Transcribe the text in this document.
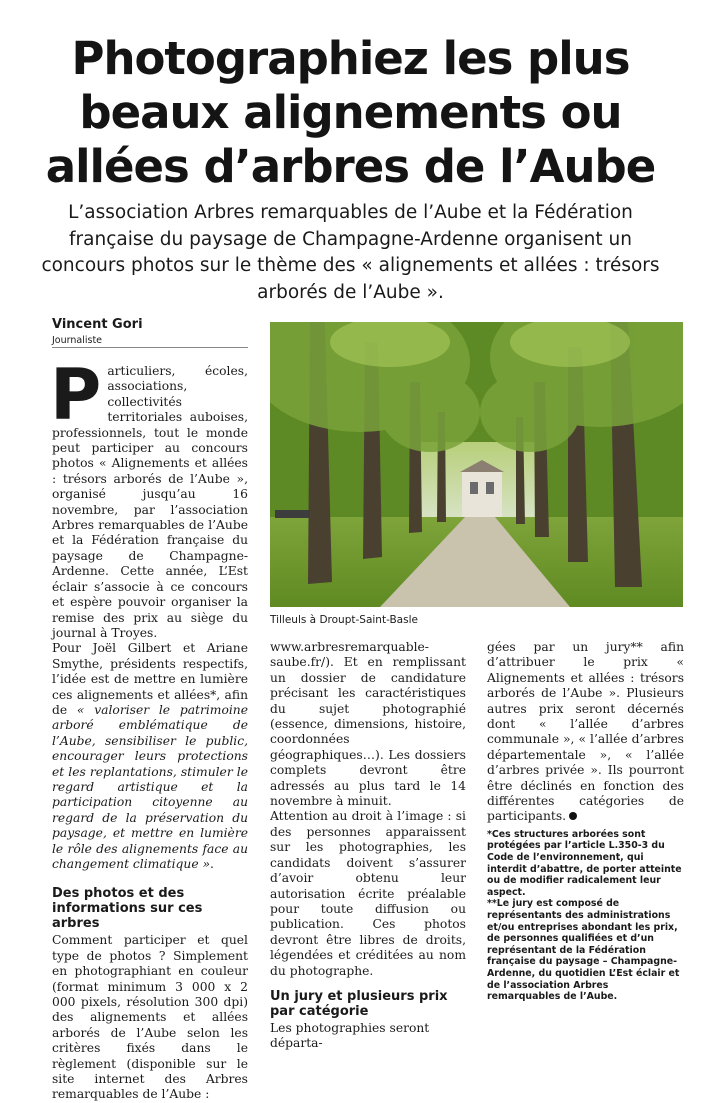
Photographiez les plus
beaux alignements ou
allées d’arbres de l’Aube
L’association Arbres remarquables de l’Aube et la Fédération
française du paysage de Champagne-Ardenne organisent un
concours photos sur le thème des « alignements et allées : trésors
arborés de l’Aube ».
Vincent Gori
Journaliste

Particuliers, écoles, associations, collectivités territoriales auboises, professionnels, tout le monde peut participer au concours photos « Alignements et allées : trésors arborés de l’Aube », organisé jusqu’au 16 novembre, par l’association Arbres remarquables de l’Aube et la Fédération française du paysage de Champagne-Ardenne. Cette année, L’Est éclair s’associe à ce concours et espère pouvoir organiser la remise des prix au siège du journal à Troyes.

Pour Joël Gilbert et Ariane Smythe, présidents respectifs, l’idée est de mettre en lumière ces alignements et allées*, afin de « valoriser le patrimoine arboré emblématique de l’Aube, sensibiliser le public, encourager leurs protections et les replantations, stimuler le regard artistique et la participation citoyenne au regard de la préservation du paysage, et mettre en lumière le rôle des alignements face au changement climatique ».

Des photos et des informations sur ces arbres

Comment participer et quel type de photos ? Simplement en photographiant en couleur (format minimum 3 000 x 2 000 pixels, résolution 300 dpi) des alignements et allées arborés de l’Aube selon les critères fixés dans le règlement (disponible sur le site internet des Arbres remarquables de l’Aube :

Tilleuls à Droupt-Saint-Basle

www.arbresremarquable-saube.fr/). Et en remplissant un dossier de candidature précisant les caractéristiques du sujet photographié (essence, dimensions, histoire, coordonnées géographiques…). Les dossiers complets devront être adressés au plus tard le 14 novembre à minuit.

Attention au droit à l’image : si des personnes apparaissent sur les photographies, les candidats doivent s’assurer d’avoir obtenu leur autorisation écrite préalable pour toute diffusion ou publication. Ces photos devront être libres de droits, légendées et créditées au nom du photographe.

Un jury et plusieurs prix par catégorie

Les photographies seront départa-

gées par un jury** afin d’attribuer le prix « Alignements et allées : trésors arborés de l’Aube ». Plusieurs autres prix seront décernés dont « l’allée d’arbres communale », « l’allée d’arbres départementale », « l’allée d’arbres privée ». Ils pourront être déclinés en fonction des différentes catégories de participants.

*Ces structures arborées sont protégées par l’article L.350-3 du Code de l’environnement, qui interdit d’abattre, de porter atteinte ou de modifier radicalement leur aspect.

**Le jury est composé de représentants des administrations et/ou entreprises abondant les prix, de personnes qualifiées et d’un représentant de la Fédération française du paysage – Champagne-Ardenne, du quotidien L’Est éclair et de l’association Arbres remarquables de l’Aube.
